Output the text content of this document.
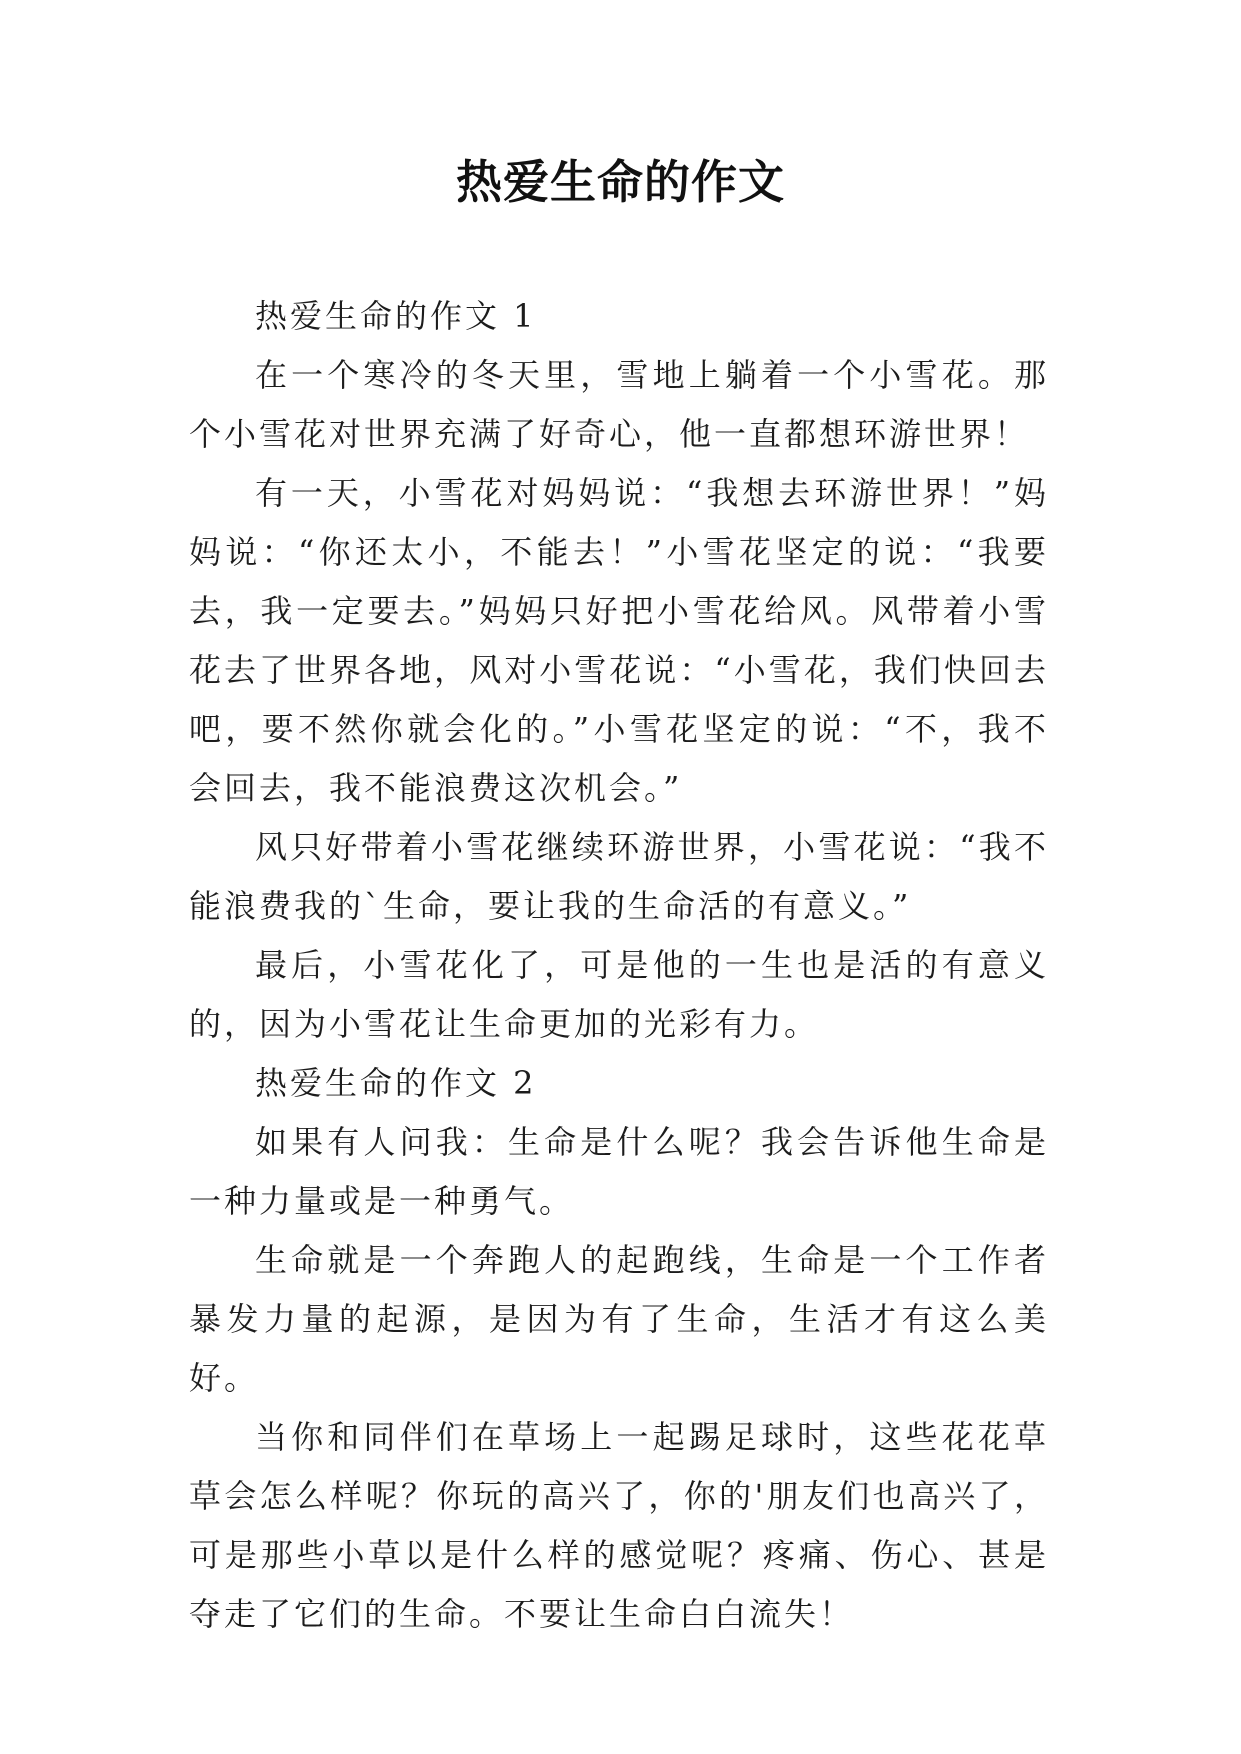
热爱生命的作文

热爱生命的作文 1

在一个寒冷的冬天里，雪地上躺着一个小雪花。那个小雪花对世界充满了好奇心，他一直都想环游世界！

有一天，小雪花对妈妈说：“我想去环游世界！”妈妈说：“你还太小，不能去！”小雪花坚定的说：“我要去，我一定要去。”妈妈只好把小雪花给风。风带着小雪花去了世界各地，风对小雪花说：“小雪花，我们快回去吧，要不然你就会化的。”小雪花坚定的说：“不，我不会回去，我不能浪费这次机会。”

风只好带着小雪花继续环游世界，小雪花说：“我不能浪费我的`生命，要让我的生命活的有意义。”

最后，小雪花化了，可是他的一生也是活的有意义的，因为小雪花让生命更加的光彩有力。

热爱生命的作文 2

如果有人问我：生命是什么呢？我会告诉他生命是一种力量或是一种勇气。

生命就是一个奔跑人的起跑线，生命是一个工作者暴发力量的起源，是因为有了生命，生活才有这么美好。

当你和同伴们在草场上一起踢足球时，这些花花草草会怎么样呢？你玩的高兴了，你的'朋友们也高兴了，可是那些小草以是什么样的感觉呢？疼痛、伤心、甚是夺走了它们的生命。不要让生命白白流失！
